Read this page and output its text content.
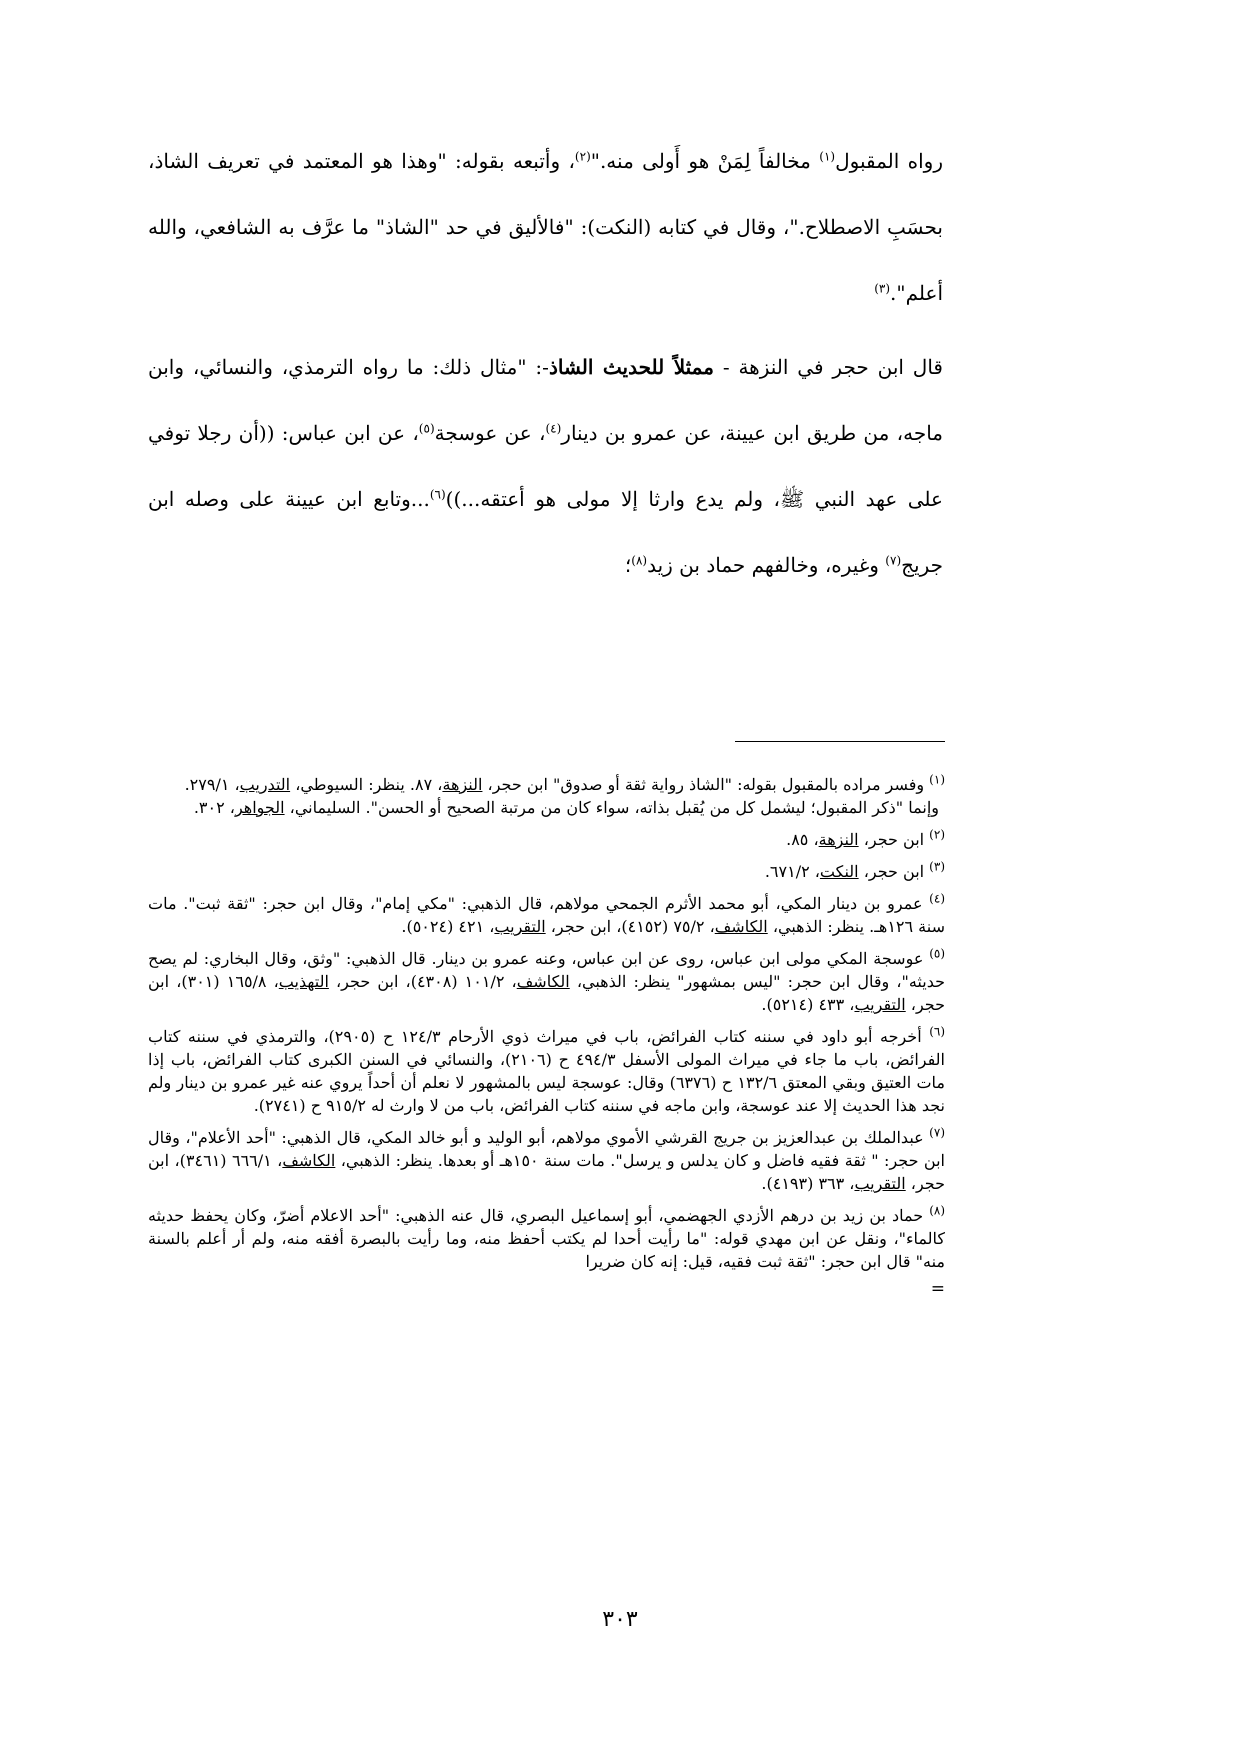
رواه المقبول$^{(١)}$ مخالفاً لِمَنْ هو أَولى منه."$^{(٢)}$، وأتبعه بقوله: "وهذا هو المعتمد في تعريف الشاذ، بحسَبِ الاصطلاح."، وقال في كتابه (النكت): "فالأليق في حد "الشاذ" ما عرَّف به الشافعي، والله أعلم".$^{(٣)}$

قال ابن حجر في النزهة - ممثلاً للحديث الشاذ-: "مثال ذلك: ما رواه الترمذي، والنسائي، وابن ماجه، من طريق ابن عيينة، عن عمرو بن دينار$^{(٤)}$، عن عوسجة$^{(٥)}$، عن ابن عباس: ((أن رجلا توفي على عهد النبي ﷺ، ولم يدع وارثا إلا مولى هو أعتقه...))$^{(٦)}$...وتابع ابن عيينة على وصله ابن جريج$^{(٧)}$ وغيره، وخالفهم حماد بن زيد$^{(٨)}$؛

$^{(١)}$ وفسر مراده بالمقبول بقوله: "الشاذ رواية ثقة أو صدوق" ابن حجر، النزهة، ٨٧. ينظر: السيوطي، التدريب، ٢٧٩/١.

وإنما "ذكر المقبول؛ ليشمل كل من يُقبل بذاته، سواء كان من مرتبة الصحيح أو الحسن". السليماني، الجواهر، ٣٠٢.

$^{(٢)}$ ابن حجر، النزهة، ٨٥.

$^{(٣)}$ ابن حجر، النكت، ٦٧١/٢.

$^{(٤)}$ عمرو بن دينار المكي، أبو محمد الأثرم الجمحي مولاهم، قال الذهبي: "مكي إمام"، وقال ابن حجر: "ثقة ثبت". مات سنة ١٢٦هـ. ينظر: الذهبي، الكاشف، ٧٥/٢ (٤١٥٢)، ابن حجر، التقريب، ٤٢١ (٥٠٢٤).

$^{(٥)}$ عوسجة المكي مولى ابن عباس، روى عن ابن عباس، وعنه عمرو بن دينار. قال الذهبي: "وثق، وقال البخاري: لم يصح حديثه"، وقال ابن حجر: "ليس بمشهور" ينظر: الذهبي، الكاشف، ١٠١/٢ (٤٣٠٨)، ابن حجر، التهذيب، ١٦٥/٨ (٣٠١)، ابن حجر، التقريب، ٤٣٣ (٥٢١٤).

$^{(٦)}$ أخرجه أبو داود في سننه كتاب الفرائض، باب في ميراث ذوي الأرحام ١٢٤/٣ ح (٢٩٠٥)، والترمذي في سننه كتاب الفرائض، باب ما جاء في ميراث المولى الأسفل ٤٩٤/٣ ح (٢١٠٦)، والنسائي في السنن الكبرى كتاب الفرائض، باب إذا مات العتيق وبقي المعتق ١٣٢/٦ ح (٦٣٧٦) وقال: عوسجة ليس بالمشهور لا نعلم أن أحداً يروي عنه غير عمرو بن دينار ولم نجد هذا الحديث إلا عند عوسجة، وابن ماجه في سننه كتاب الفرائض، باب من لا وارث له ٩١٥/٢ ح (٢٧٤١).

$^{(٧)}$ عبدالملك بن عبدالعزيز بن جريج القرشي الأموي مولاهم، أبو الوليد و أبو خالد المكي، قال الذهبي: "أحد الأعلام"، وقال ابن حجر: " ثقة فقيه فاضل و كان يدلس و يرسل". مات سنة ١٥٠هـ أو بعدها. ينظر: الذهبي، الكاشف، ٦٦٦/١ (٣٤٦١)، ابن حجر، التقريب، ٣٦٣ (٤١٩٣).

$^{(٨)}$ حماد بن زيد بن درهم الأزدي الجهضمي، أبو إسماعيل البصري، قال عنه الذهبي: "أحد الاعلام أضرّ، وكان يحفظ حديثه كالماء"، ونقل عن ابن مهدي قوله: "ما رأيت أحدا لم يكتب أحفظ منه، وما رأيت بالبصرة أفقه منه، ولم أر أعلم بالسنة منه" قال ابن حجر: "ثقة ثبت فقيه، قيل: إنه كان ضريرا

=

٣٠٣
